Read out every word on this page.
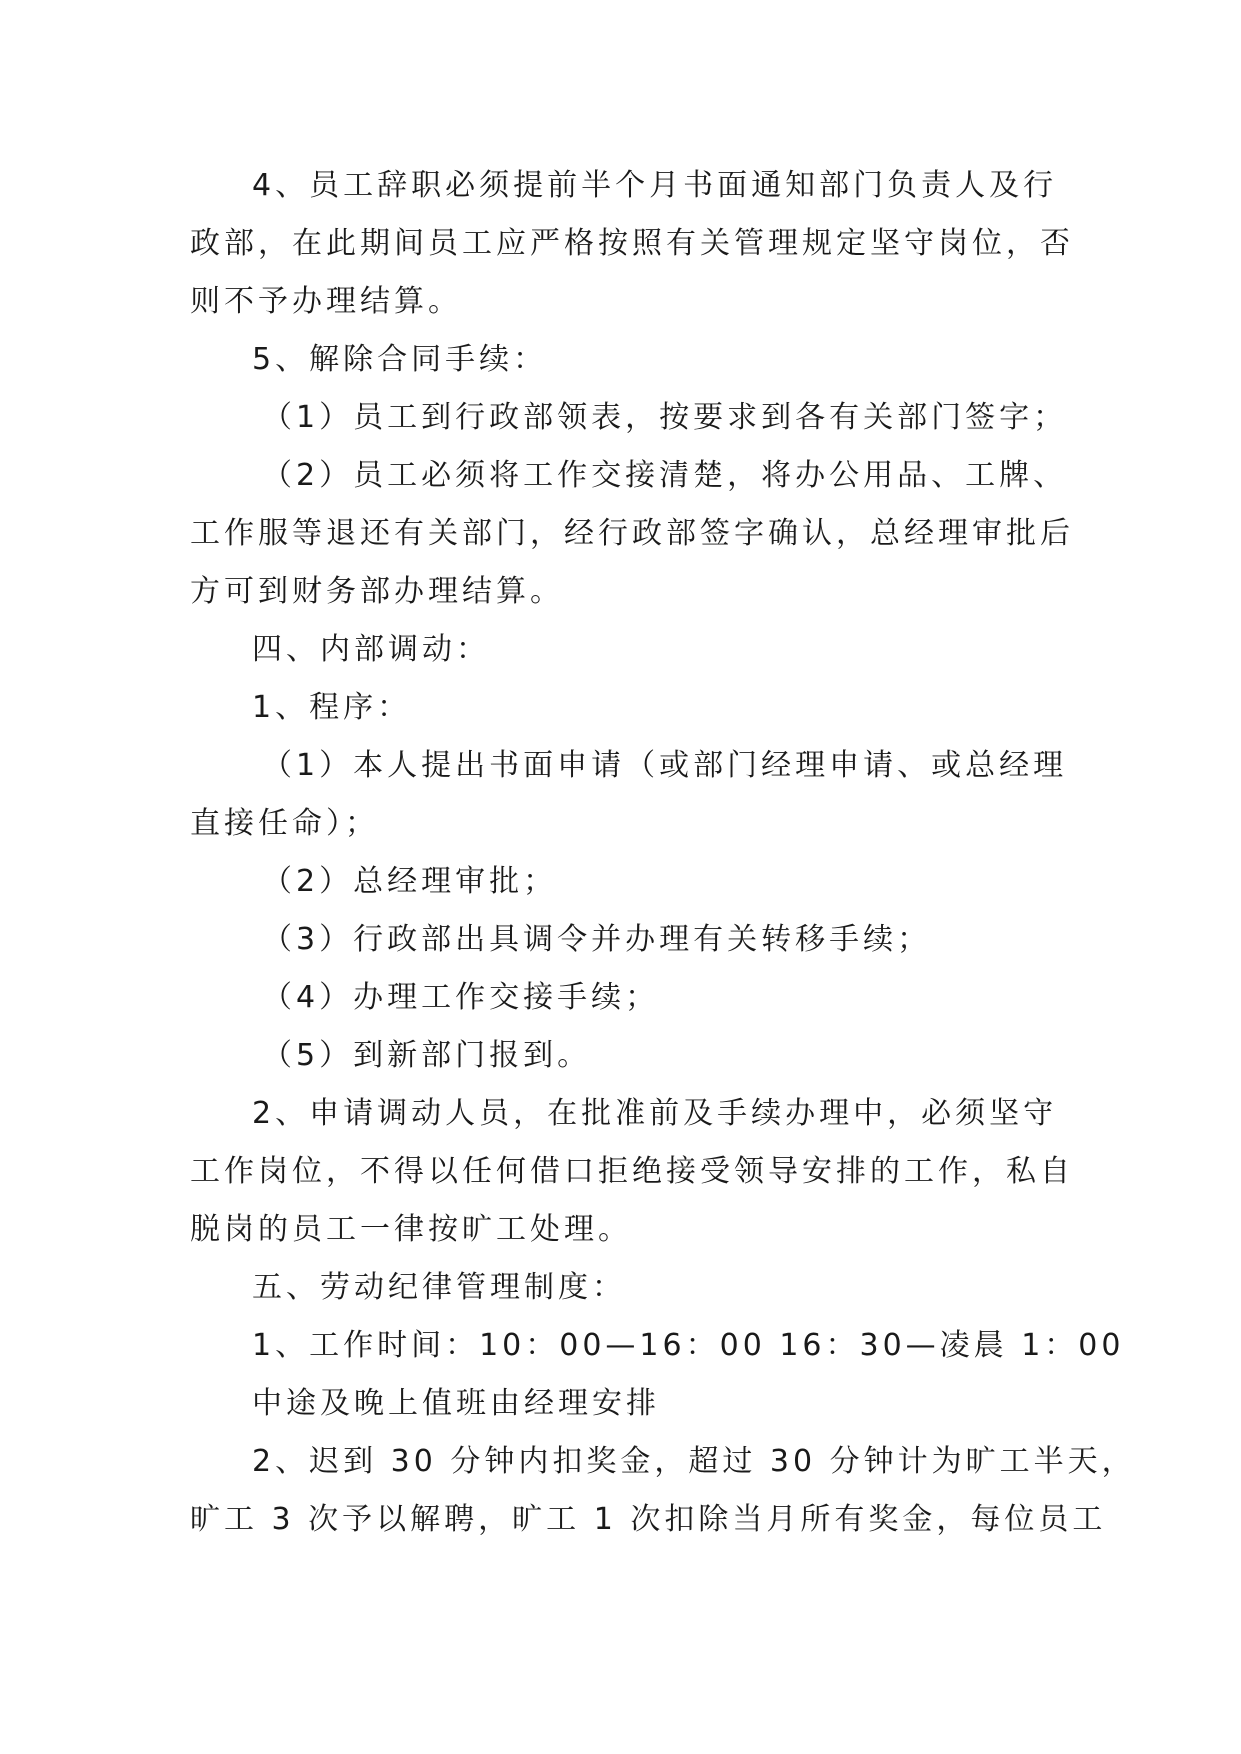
4、员工辞职必须提前半个月书面通知部门负责人及行
政部，在此期间员工应严格按照有关管理规定坚守岗位，否
则不予办理结算。
5、解除合同手续：
（1）员工到行政部领表，按要求到各有关部门签字；
（2）员工必须将工作交接清楚，将办公用品、工牌、
工作服等退还有关部门，经行政部签字确认，总经理审批后
方可到财务部办理结算。
四、内部调动：
1、程序：
（1）本人提出书面申请（或部门经理申请、或总经理
直接任命）；
（2）总经理审批；
（3）行政部出具调令并办理有关转移手续；
（4）办理工作交接手续；
（5）到新部门报到。
2、申请调动人员，在批准前及手续办理中，必须坚守
工作岗位，不得以任何借口拒绝接受领导安排的工作，私自
脱岗的员工一律按旷工处理。
五、劳动纪律管理制度：
1、工作时间：10：00—16：00 16：30—凌晨 1：00
中途及晚上值班由经理安排
2、迟到 30 分钟内扣奖金，超过 30 分钟计为旷工半天，
旷工 3 次予以解聘，旷工 1 次扣除当月所有奖金，每位员工
